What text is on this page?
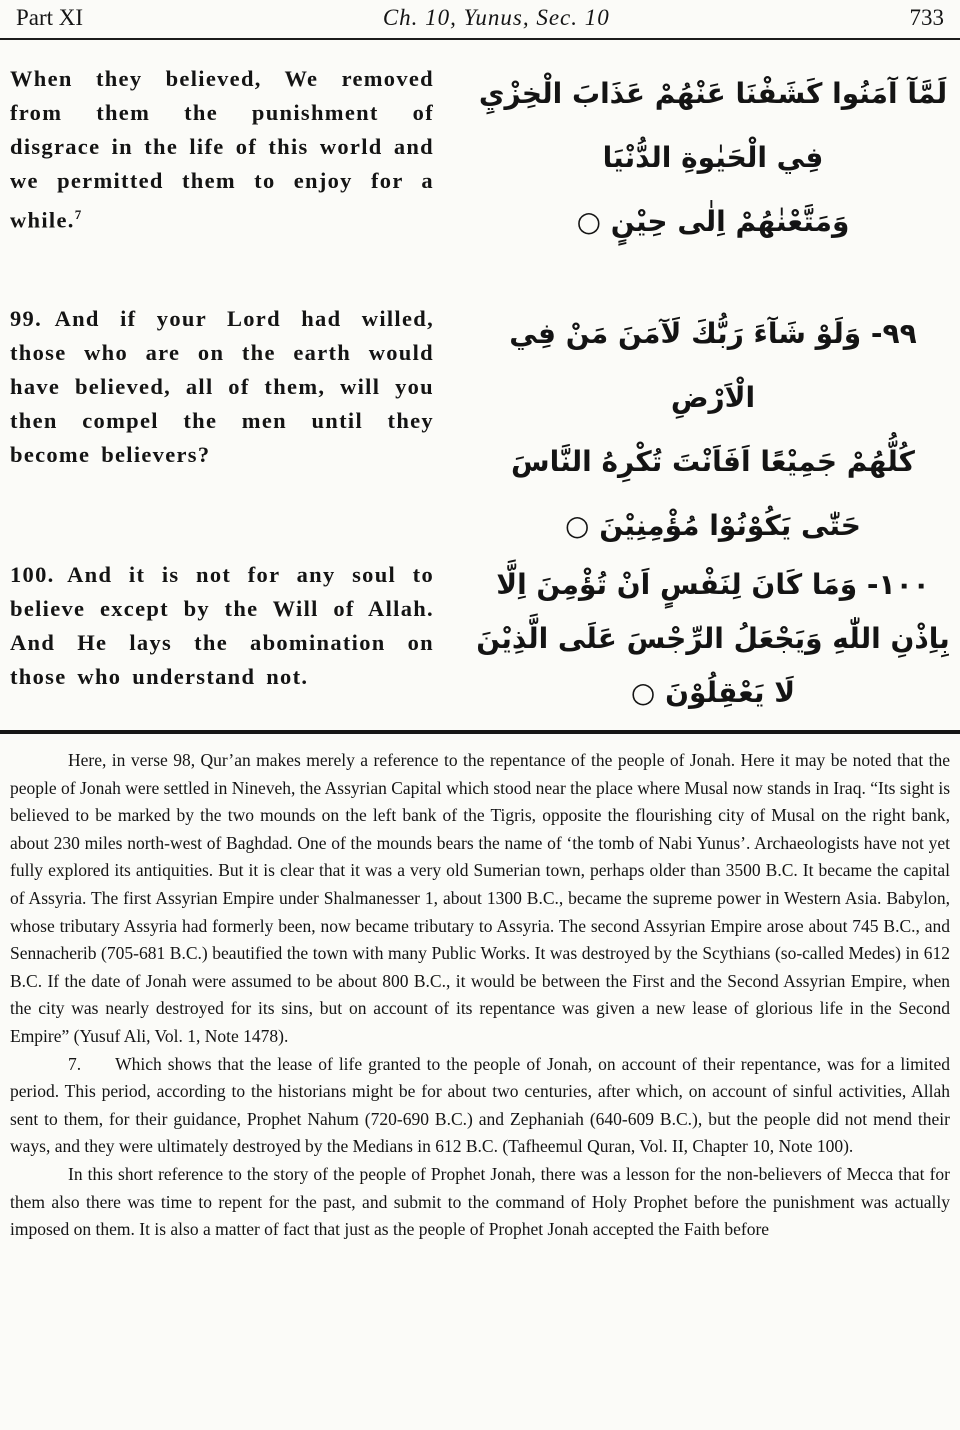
Part XI	Ch. 10, Yunus, Sec. 10	733

When they believed, We removed from them the punishment of disgrace in the life of this world and we permitted them to enjoy for a while.$^7$

لَمَّآ آمَنُوا كَشَفْنَا عَنْهُمْ عَذَابَ الْخِزْيِ
فِي الْحَيٰوةِ الدُّنْيَا
وَمَتَّعْنٰهُمْ اِلٰى حِيْنٍ ○

99. And if your Lord had willed, those who are on the earth would have believed, all of them, will you then compel the men until they become believers?

٩٩- وَلَوْ شَآءَ رَبُّكَ لَآمَنَ مَنْ فِي الْاَرْضِ
كُلُّهُمْ جَمِيْعًا اَفَاَنْتَ تُكْرِهُ النَّاسَ
حَتّٰى يَكُوْنُوْا مُؤْمِنِيْنَ ○

100. And it is not for any soul to believe except by the Will of Allah. And He lays the abomination on those who understand not.

١٠٠- وَمَا كَانَ لِنَفْسٍ اَنْ تُؤْمِنَ اِلَّا
بِاِذْنِ اللّٰهِ وَيَجْعَلُ الرِّجْسَ عَلَى الَّذِيْنَ
لَا يَعْقِلُوْنَ ○

Here, in verse 98, Qur’an makes merely a reference to the repentance of the people of Jonah. Here it may be noted that the people of Jonah were settled in Nineveh, the Assyrian Capital which stood near the place where Musal now stands in Iraq. “Its sight is believed to be marked by the two mounds on the left bank of the Tigris, opposite the flourishing city of Musal on the right bank, about 230 miles north-west of Baghdad. One of the mounds bears the name of ‘the tomb of Nabi Yunus’. Archaeologists have not yet fully explored its antiquities. But it is clear that it was a very old Sumerian town, perhaps older than 3500 B.C. It became the capital of Assyria. The first Assyrian Empire under Shalmanesser 1, about 1300 B.C., became the supreme power in Western Asia. Babylon, whose tributary Assyria had formerly been, now became tributary to Assyria. The second Assyrian Empire arose about 745 B.C., and Sennacherib (705-681 B.C.) beautified the town with many Public Works. It was destroyed by the Scythians (so-called Medes) in 612 B.C. If the date of Jonah were assumed to be about 800 B.C., it would be between the First and the Second Assyrian Empire, when the city was nearly destroyed for its sins, but on account of its repentance was given a new lease of glorious life in the Second Empire” (Yusuf Ali, Vol. 1, Note 1478).

7. Which shows that the lease of life granted to the people of Jonah, on account of their repentance, was for a limited period. This period, according to the historians might be for about two centuries, after which, on account of sinful activities, Allah sent to them, for their guidance, Prophet Nahum (720-690 B.C.) and Zephaniah (640-609 B.C.), but the people did not mend their ways, and they were ultimately destroyed by the Medians in 612 B.C. (Tafheemul Quran, Vol. II, Chapter 10, Note 100).

In this short reference to the story of the people of Prophet Jonah, there was a lesson for the non-believers of Mecca that for them also there was time to repent for the past, and submit to the command of Holy Prophet before the punishment was actually imposed on them. It is also a matter of fact that just as the people of Prophet Jonah accepted the Faith before
